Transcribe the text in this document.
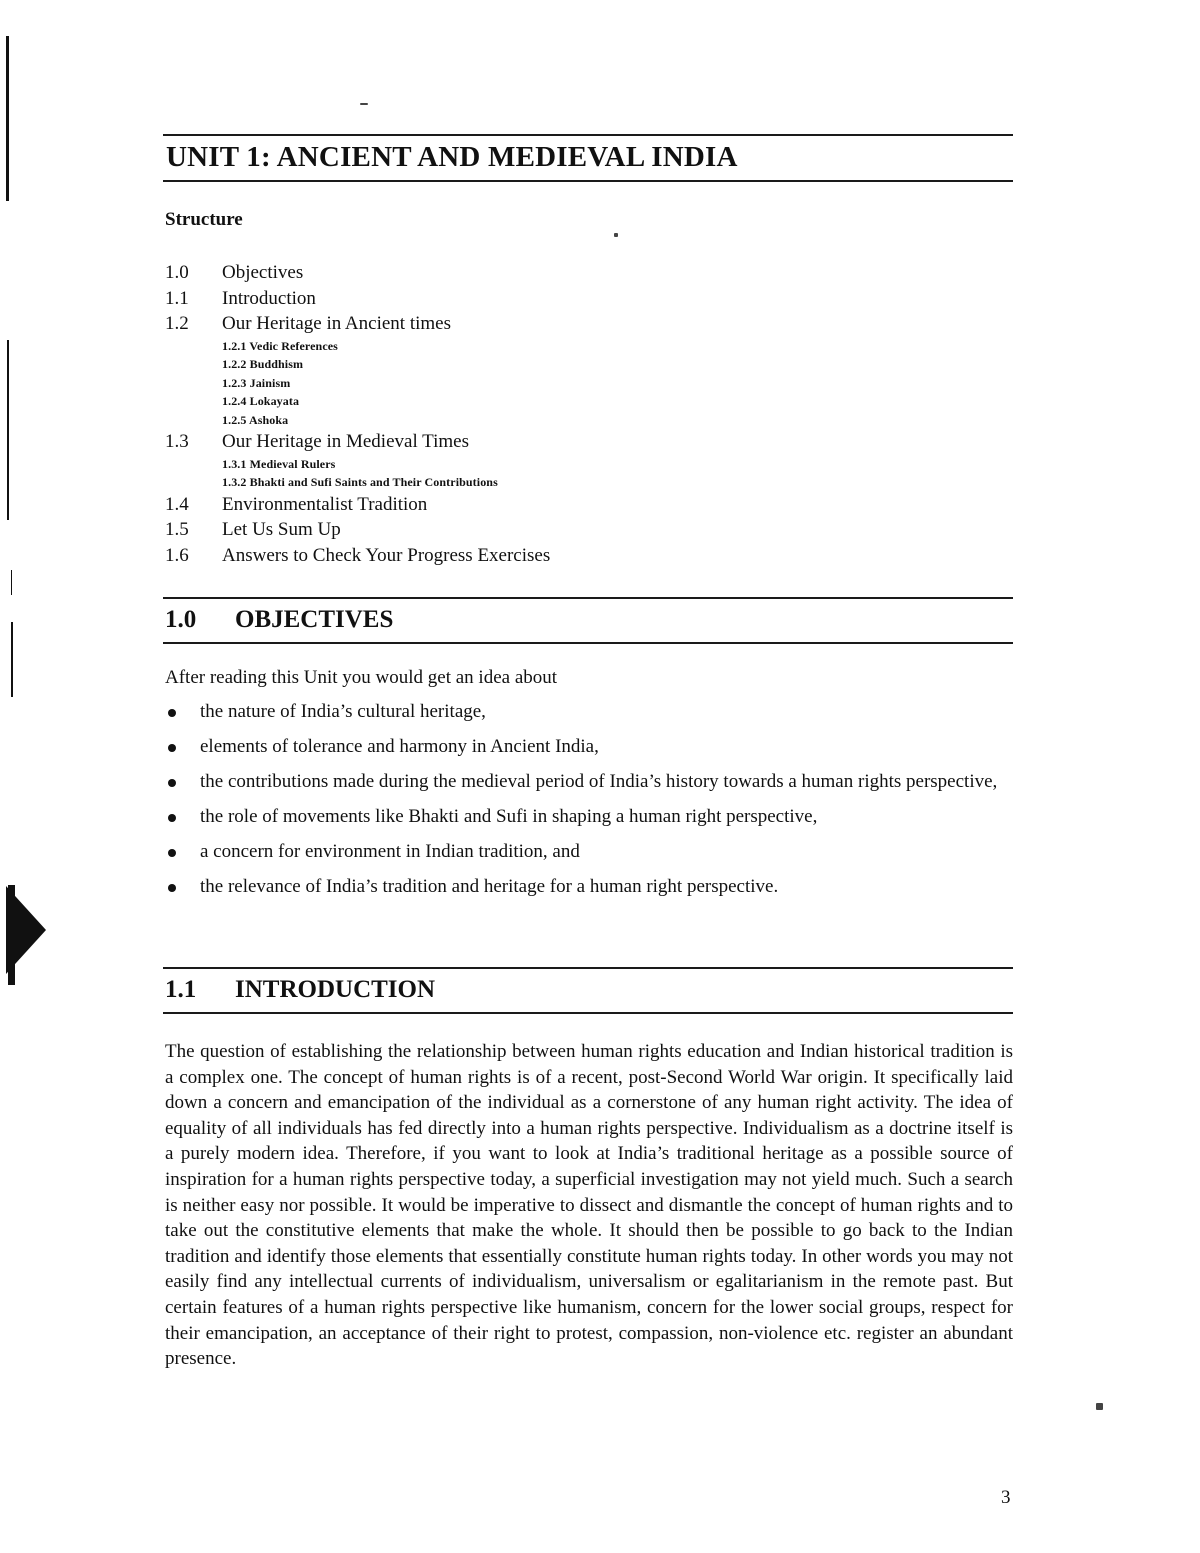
UNIT 1: ANCIENT AND MEDIEVAL INDIA
Structure
1.0	Objectives
1.1	Introduction
1.2	Our Heritage in Ancient times
1.2.1 Vedic References
1.2.2 Buddhism
1.2.3 Jainism
1.2.4 Lokayata
1.2.5 Ashoka
1.3	Our Heritage in Medieval Times
1.3.1 Medieval Rulers
1.3.2 Bhakti and Sufi Saints and Their Contributions
1.4	Environmentalist Tradition
1.5	Let Us Sum Up
1.6	Answers to Check Your Progress Exercises
1.0 OBJECTIVES
After reading this Unit you would get an idea about
the nature of India’s cultural heritage,
elements of tolerance and harmony in Ancient India,
the contributions made during the medieval period of India’s history towards a human rights perspective,
the role of movements like Bhakti and Sufi in shaping a human right perspective,
a concern for environment in Indian tradition, and
the relevance of India’s tradition and heritage for a human right perspective.
1.1 INTRODUCTION

The question of establishing the relationship between human rights education and Indian historical tradition is a complex one. The concept of human rights is of a recent, post-Second World War origin. It specifically laid down a concern and emancipation of the individual as a cornerstone of any human right activity. The idea of equality of all individuals has fed directly into a human rights perspective. Individualism as a doctrine itself is a purely modern idea. Therefore, if you want to look at India’s traditional heritage as a possible source of inspiration for a human rights perspective today, a superficial investigation may not yield much. Such a search is neither easy nor possible. It would be imperative to dissect and dismantle the concept of human rights and to take out the constitutive elements that make the whole. It should then be possible to go back to the Indian tradition and identify those elements that essentially constitute human rights today. In other words you may not easily find any intellectual currents of individualism, universalism or egalitarianism in the remote past. But certain features of a human rights perspective like humanism, concern for the lower social groups, respect for their emancipation, an acceptance of their right to protest, compassion, non-violence etc. register an abundant presence.

3
